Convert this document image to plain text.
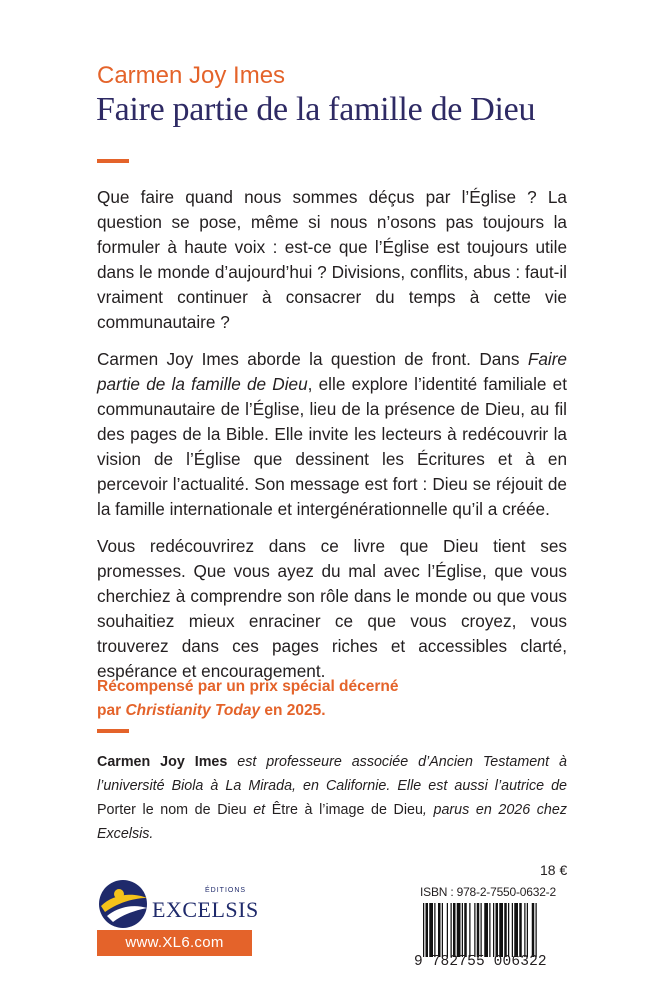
Carmen Joy Imes
Faire partie de la famille de Dieu

Que faire quand nous sommes déçus par l’Église ? La question se pose, même si nous n’osons pas toujours la formuler à haute voix : est-ce que l’Église est toujours utile dans le monde d’aujourd’hui ? Divisions, conflits, abus : faut-il vraiment continuer à consacrer du temps à cette vie communautaire ?

Carmen Joy Imes aborde la question de front. Dans Faire partie de la famille de Dieu, elle explore l’identité familiale et communautaire de l’Église, lieu de la présence de Dieu, au fil des pages de la Bible. Elle invite les lecteurs à redécouvrir la vision de l’Église que dessinent les Écritures et à en percevoir l’actualité. Son message est fort : Dieu se réjouit de la famille internationale et intergénérationnelle qu’il a créée.

Vous redécouvrirez dans ce livre que Dieu tient ses promesses. Que vous ayez du mal avec l’Église, que vous cherchiez à comprendre son rôle dans le monde ou que vous souhaitiez mieux enraciner ce que vous croyez, vous trouverez dans ces pages riches et accessibles clarté, espérance et encouragement.

Récompensé par un prix spécial décerné
par Christianity Today en 2025.
Carmen Joy Imes est professeure associée d’Ancien Testament à l’université Biola à La Mirada, en Californie. Elle est aussi l’autrice de Porter le nom de Dieu et Être à l’image de Dieu, parus en 2026 chez Excelsis.
ÉDITIONS
EXCELSIS
www.XL6.com
18 €
ISBN : 978-2-7550-0632-2
9 782755 006322
